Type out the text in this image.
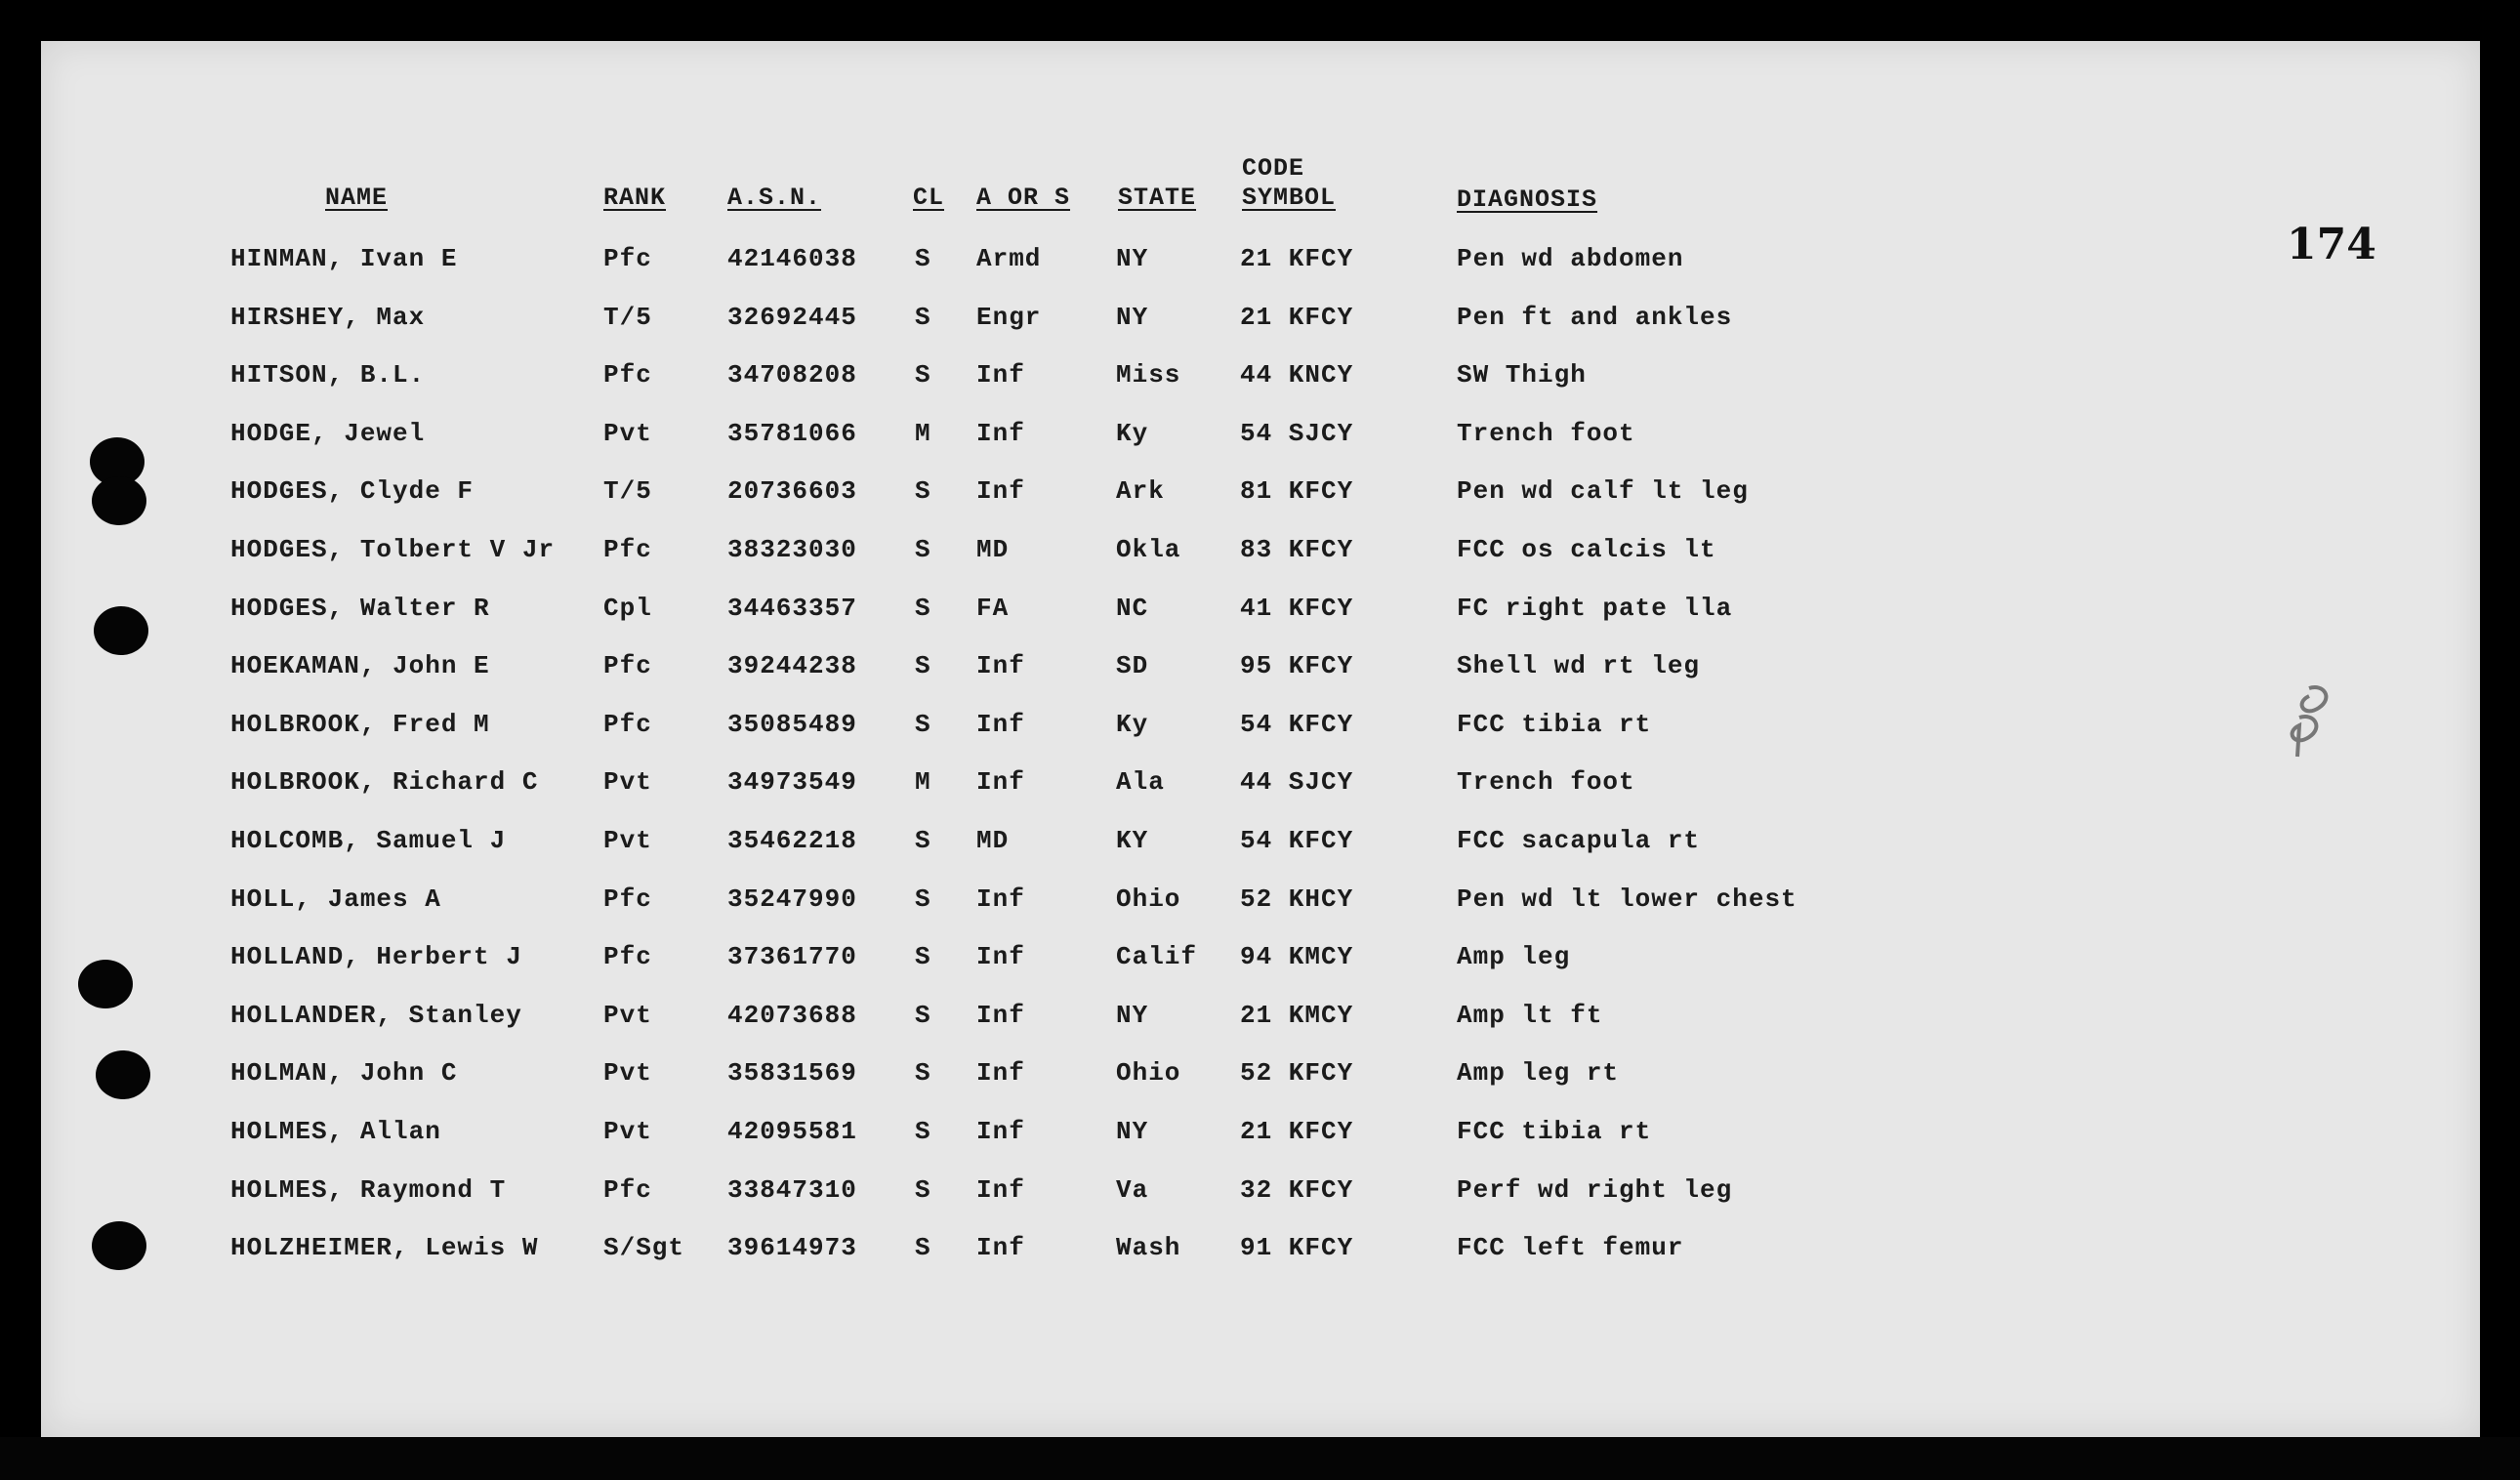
174
NAME	RANK	A.S.N.	CL A OR S STATE
CODE
SYMBOL	DIAGNOSIS
HINMAN, Ivan E	Pfc	42146038 S Armd	NY	21 KFCY	Pen wd abdomen
HIRSHEY, Max	T/5	32692445 S Engr	NY	21 KFCY	Pen ft and ankles
HITSON, B.L.	Pfc	34708208 S Inf	Miss 44 KNCY	SW Thigh
HODGE, Jewel	Pvt	35781066 M Inf	Ky	54 SJCY	Trench foot
HODGES, Clyde F	T/5	20736603 S Inf	Ark	81 KFCY	Pen wd calf lt leg
HODGES, Tolbert V Jr Pfc	38323030 S MD	Okla 83 KFCY	FCC os calcis lt
HODGES, Walter R	Cpl	34463357 S FA	NC	41 KFCY	FC right pate lla
HOEKAMAN, John E	Pfc	39244238 S Inf	SD	95 KFCY	Shell wd rt leg
HOLBROOK, Fred M	Pfc	35085489 S Inf	Ky	54 KFCY	FCC tibia rt
HOLBROOK, Richard C	Pvt	34973549 M Inf	Ala	44 SJCY	Trench foot
HOLCOMB, Samuel J	Pvt	35462218 S MD	KY	54 KFCY	FCC sacapula rt
HOLL, James A	Pfc	35247990 S Inf	Ohio 52 KHCY	Pen wd lt lower chest
HOLLAND, Herbert J	Pfc	37361770 S Inf	Calif 94 KMCY	Amp leg
HOLLANDER, Stanley	Pvt	42073688 S Inf	NY	21 KMCY	Amp lt ft
HOLMAN, John C	Pvt	35831569 S Inf	Ohio 52 KFCY	Amp leg rt
HOLMES, Allan	Pvt	42095581 S Inf	NY	21 KFCY	FCC tibia rt
HOLMES, Raymond T	Pfc	33847310 S Inf	Va	32 KFCY	Perf wd right leg
HOLZHEIMER, Lewis W	S/Sgt 39614973 S Inf	Wash 91 KFCY	FCC left femur
